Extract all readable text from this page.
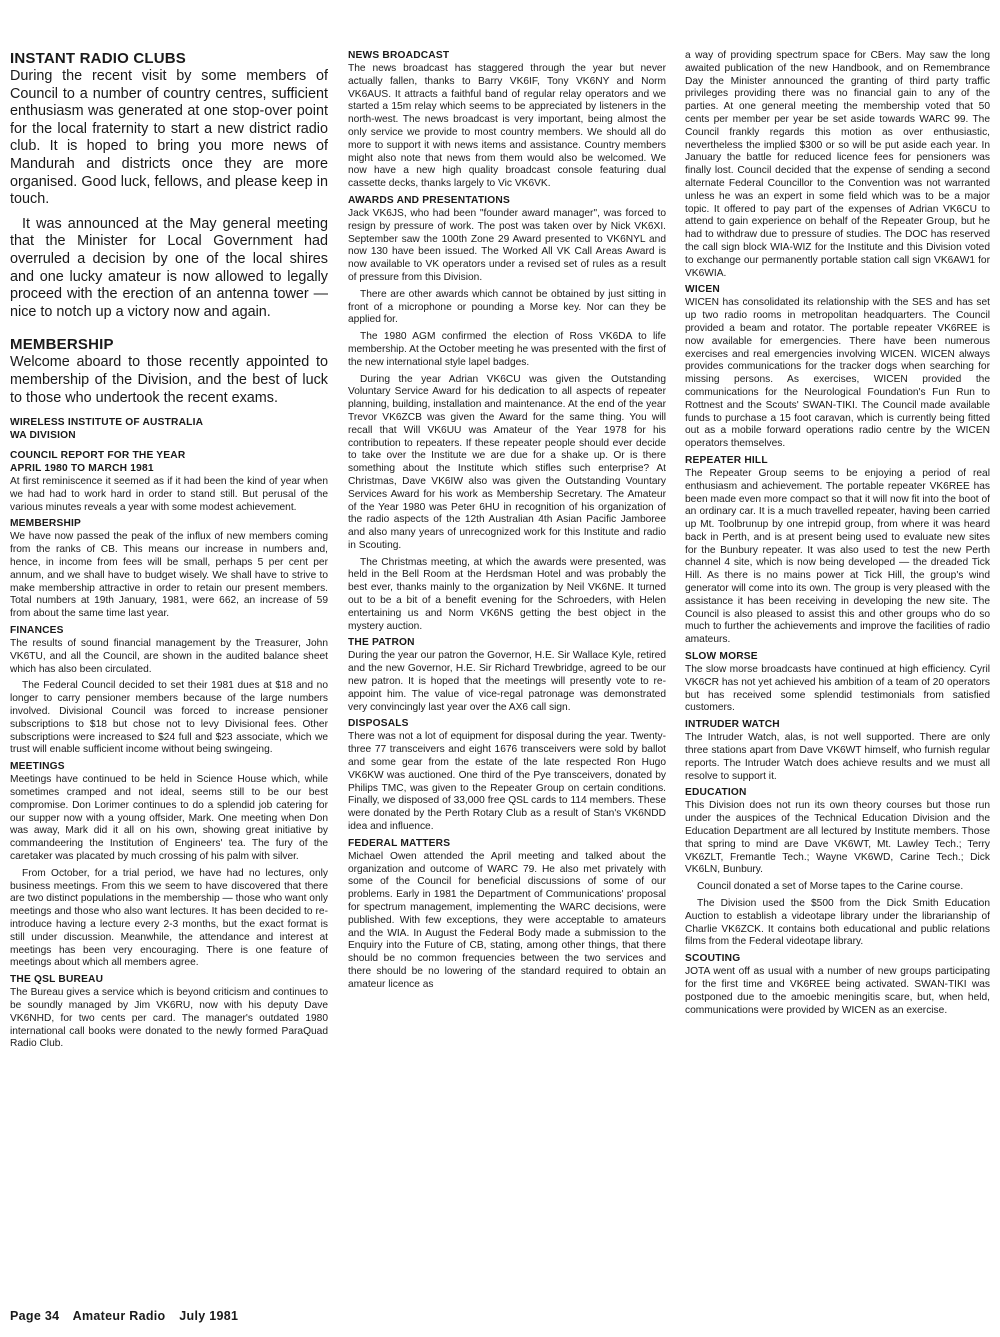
INSTANT RADIO CLUBS

During the recent visit by some members of Council to a number of country centres, sufficient enthusiasm was generated at one stop-over point for the local fraternity to start a new district radio club. It is hoped to bring you more news of Mandurah and districts once they are more organised. Good luck, fellows, and please keep in touch.

It was announced at the May general meeting that the Minister for Local Government had overruled a decision by one of the local shires and one lucky amateur is now allowed to legally proceed with the erection of an antenna tower — nice to notch up a victory now and again.

MEMBERSHIP

Welcome aboard to those recently appointed to membership of the Division, and the best of luck to those who undertook the recent exams.

WIRELESS INSTITUTE OF AUSTRALIA
WA DIVISION
COUNCIL REPORT FOR THE YEAR
APRIL 1980 TO MARCH 1981

At first reminiscence it seemed as if it had been the kind of year when we had had to work hard in order to stand still. But perusal of the various minutes reveals a year with some modest achievement.

MEMBERSHIP

We have now passed the peak of the influx of new members coming from the ranks of CB. This means our increase in numbers and, hence, in income from fees will be small, perhaps 5 per cent per annum, and we shall have to budget wisely. We shall have to strive to make membership attractive in order to retain our present members. Total numbers at 19th January, 1981, were 662, an increase of 59 from about the same time last year.

FINANCES

The results of sound financial management by the Treasurer, John VK6TU, and all the Council, are shown in the audited balance sheet which has also been circulated.

The Federal Council decided to set their 1981 dues at $18 and no longer to carry pensioner members because of the large numbers involved. Divisional Council was forced to increase pensioner subscriptions to $18 but chose not to levy Divisional fees. Other subscriptions were increased to $24 full and $23 associate, which we trust will enable sufficient income without being swingeing.

MEETINGS

Meetings have continued to be held in Science House which, while sometimes cramped and not ideal, seems still to be our best compromise. Don Lorimer continues to do a splendid job catering for our supper now with a young offsider, Mark. One meeting when Don was away, Mark did it all on his own, showing great initiative by commandeering the Institution of Engineers' tea. The fury of the caretaker was placated by much crossing of his palm with silver.

From October, for a trial period, we have had no lectures, only business meetings. From this we seem to have discovered that there are two distinct populations in the membership — those who want only meetings and those who also want lectures. It has been decided to re-introduce having a lecture every 2-3 months, but the exact format is still under discussion. Meanwhile, the attendance and interest at meetings has been very encouraging. There is one feature of meetings about which all members agree.

THE QSL BUREAU

The Bureau gives a service which is beyond criticism and continues to be soundly managed by Jim VK6RU, now with his deputy Dave VK6NHD, for two cents per card. The manager's outdated 1980 international call books were donated to the newly formed ParaQuad Radio Club.

NEWS BROADCAST

The news broadcast has staggered through the year but never actually fallen, thanks to Barry VK6IF, Tony VK6NY and Norm VK6AUS. It attracts a faithful band of regular relay operators and we started a 15m relay which seems to be appreciated by listeners in the north-west. The news broadcast is very important, being almost the only service we provide to most country members. We should all do more to support it with news items and assistance. Country members might also note that news from them would also be welcomed. We now have a new high quality broadcast console featuring dual cassette decks, thanks largely to Vic VK6VK.

AWARDS AND PRESENTATIONS

Jack VK6JS, who had been "founder award manager", was forced to resign by pressure of work. The post was taken over by Nick VK6XI. September saw the 100th Zone 29 Award presented to VK6NYL and now 130 have been issued. The Worked All VK Call Areas Award is now available to VK operators under a revised set of rules as a result of pressure from this Division.

There are other awards which cannot be obtained by just sitting in front of a microphone or pounding a Morse key. Nor can they be applied for.

The 1980 AGM confirmed the election of Ross VK6DA to life membership. At the October meeting he was presented with the first of the new international style lapel badges.

During the year Adrian VK6CU was given the Outstanding Voluntary Service Award for his dedication to all aspects of repeater planning, building, installation and maintenance. At the end of the year Trevor VK6ZCB was given the Award for the same thing. You will recall that Will VK6UU was Amateur of the Year 1978 for his contribution to repeaters. If these repeater people should ever decide to take over the Institute we are due for a shake up. Or is there something about the Institute which stifles such enterprise? At Christmas, Dave VK6IW also was given the Outstanding Vountary Services Award for his work as Membership Secretary. The Amateur of the Year 1980 was Peter 6HU in recognition of his organization of the radio aspects of the 12th Australian 4th Asian Pacific Jamboree and also many years of unrecognized work for this Institute and radio in Scouting.

The Christmas meeting, at which the awards were presented, was held in the Bell Room at the Herdsman Hotel and was probably the best ever, thanks mainly to the organization by Neil VK6NE. It turned out to be a bit of a benefit evening for the Schroeders, with Helen entertaining us and Norm VK6NS getting the best object in the mystery auction.

THE PATRON

During the year our patron the Governor, H.E. Sir Wallace Kyle, retired and the new Governor, H.E. Sir Richard Trewbridge, agreed to be our new patron. It is hoped that the meetings will presently vote to re-appoint him. The value of vice-regal patronage was demonstrated very convincingly last year over the AX6 call sign.

DISPOSALS

There was not a lot of equipment for disposal during the year. Twenty-three 77 transceivers and eight 1676 transceivers were sold by ballot and some gear from the estate of the late respected Ron Hugo VK6KW was auctioned. One third of the Pye transceivers, donated by Philips TMC, was given to the Repeater Group on certain conditions. Finally, we disposed of 33,000 free QSL cards to 114 members. These were donated by the Perth Rotary Club as a result of Stan's VK6NDD idea and influence.

FEDERAL MATTERS

Michael Owen attended the April meeting and talked about the organization and outcome of WARC 79. He also met privately with some of the Council for beneficial discussions of some of our problems. Early in 1981 the Department of Communications' proposal for spectrum management, implementing the WARC decisions, were published. With few exceptions, they were acceptable to amateurs and the WIA. In August the Federal Body made a submission to the Enquiry into the Future of CB, stating, among other things, that there should be no common frequencies between the two services and there should be no lowering of the standard required to obtain an amateur licence as

a way of providing spectrum space for CBers. May saw the long awaited publication of the new Handbook, and on Remembrance Day the Minister announced the granting of third party traffic privileges providing there was no financial gain to any of the parties. At one general meeting the membership voted that 50 cents per member per year be set aside towards WARC 99. The Council frankly regards this motion as over enthusiastic, nevertheless the implied $300 or so will be put aside each year. In January the battle for reduced licence fees for pensioners was finally lost. Council decided that the expense of sending a second alternate Federal Councillor to the Convention was not warranted unless he was an expert in some field which was to be a major topic. It offered to pay part of the expenses of Adrian VK6CU to attend to gain experience on behalf of the Repeater Group, but he had to withdraw due to pressure of studies. The DOC has reserved the call sign block WIA-WIZ for the Institute and this Division voted to exchange our permanently portable station call sign VK6AW1 for VK6WIA.

WICEN

WICEN has consolidated its relationship with the SES and has set up two radio rooms in metropolitan headquarters. The Council provided a beam and rotator. The portable repeater VK6REE is now available for emergencies. There have been numerous exercises and real emergencies involving WICEN. WICEN always provides communications for the tracker dogs when searching for missing persons. As exercises, WICEN provided the communications for the Neurological Foundation's Fun Run to Rottnest and the Scouts' SWAN-TIKI. The Council made available funds to purchase a 15 foot caravan, which is currently being fitted out as a mobile forward operations radio centre by the WICEN operators themselves.

REPEATER HILL

The Repeater Group seems to be enjoying a period of real enthusiasm and achievement. The portable repeater VK6REE has been made even more compact so that it will now fit into the boot of an ordinary car. It is a much travelled repeater, having been carried up Mt. Toolbrunup by one intrepid group, from where it was heard back in Perth, and is at present being used to evaluate new sites for the Bunbury repeater. It was also used to test the new Perth channel 4 site, which is now being developed — the dreaded Tick Hill. As there is no mains power at Tick Hill, the group's wind generator will come into its own. The group is very pleased with the assistance it has been receiving in developing the new site. The Council is also pleased to assist this and other groups who do so much to further the achievements and improve the facilities of radio amateurs.

SLOW MORSE

The slow morse broadcasts have continued at high efficiency. Cyril VK6CR has not yet achieved his ambition of a team of 20 operators but has received some splendid testimonials from satisfied customers.

INTRUDER WATCH

The Intruder Watch, alas, is not well supported. There are only three stations apart from Dave VK6WT himself, who furnish regular reports. The Intruder Watch does achieve results and we must all resolve to support it.

EDUCATION

This Division does not run its own theory courses but those run under the auspices of the Technical Education Division and the Education Department are all lectured by Institute members. Those that spring to mind are Dave VK6WT, Mt. Lawley Tech.; Terry VK6ZLT, Fremantle Tech.; Wayne VK6WD, Carine Tech.; Dick VK6LN, Bunbury.

Council donated a set of Morse tapes to the Carine course.

The Division used the $500 from the Dick Smith Education Auction to establish a videotape library under the librarianship of Charlie VK6ZCK. It contains both educational and public relations films from the Federal videotape library.

SCOUTING

JOTA went off as usual with a number of new groups participating for the first time and VK6REE being activated. SWAN-TIKI was postponed due to the amoebic meningitis scare, but, when held, communications were provided by WICEN as an exercise.

Page 34 Amateur Radio July 1981
